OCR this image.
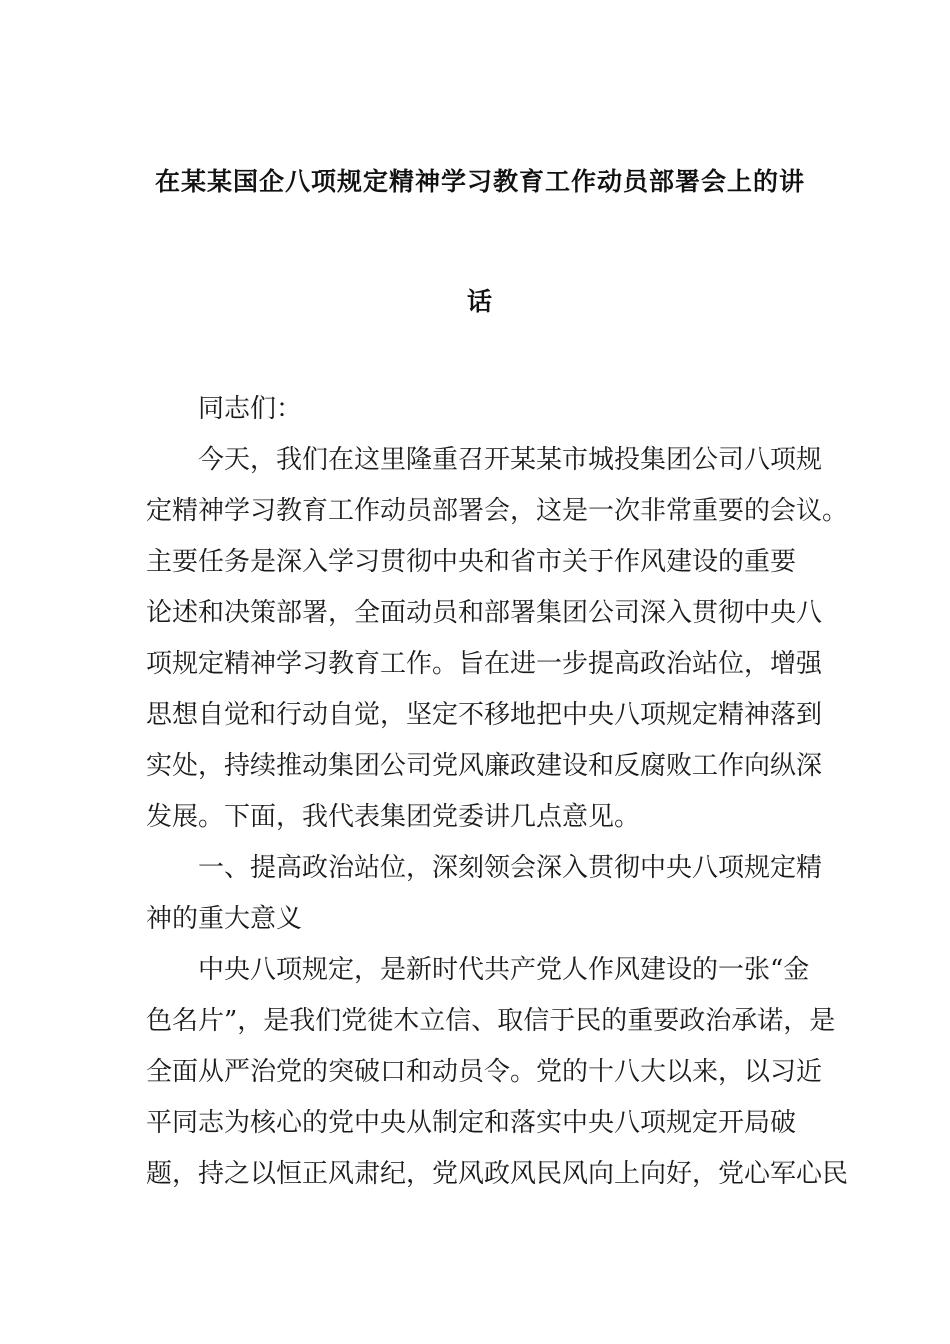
在某某国企八项规定精神学习教育工作动员部署会上的讲
话
同志们：
今天，我们在这里隆重召开某某市城投集团公司八项规
定精神学习教育工作动员部署会，这是一次非常重要的会议。
主要任务是深入学习贯彻中央和省市关于作风建设的重要
论述和决策部署，全面动员和部署集团公司深入贯彻中央八
项规定精神学习教育工作。旨在进一步提高政治站位，增强
思想自觉和行动自觉，坚定不移地把中央八项规定精神落到
实处，持续推动集团公司党风廉政建设和反腐败工作向纵深
发展。下面，我代表集团党委讲几点意见。
一、提高政治站位，深刻领会深入贯彻中央八项规定精
神的重大意义
中央八项规定，是新时代共产党人作风建设的一张“金
色名片”，是我们党徙木立信、取信于民的重要政治承诺，是
全面从严治党的突破口和动员令。党的十八大以来，以习近
平同志为核心的党中央从制定和落实中央八项规定开局破
题，持之以恒正风肃纪，党风政风民风向上向好，党心军心民
